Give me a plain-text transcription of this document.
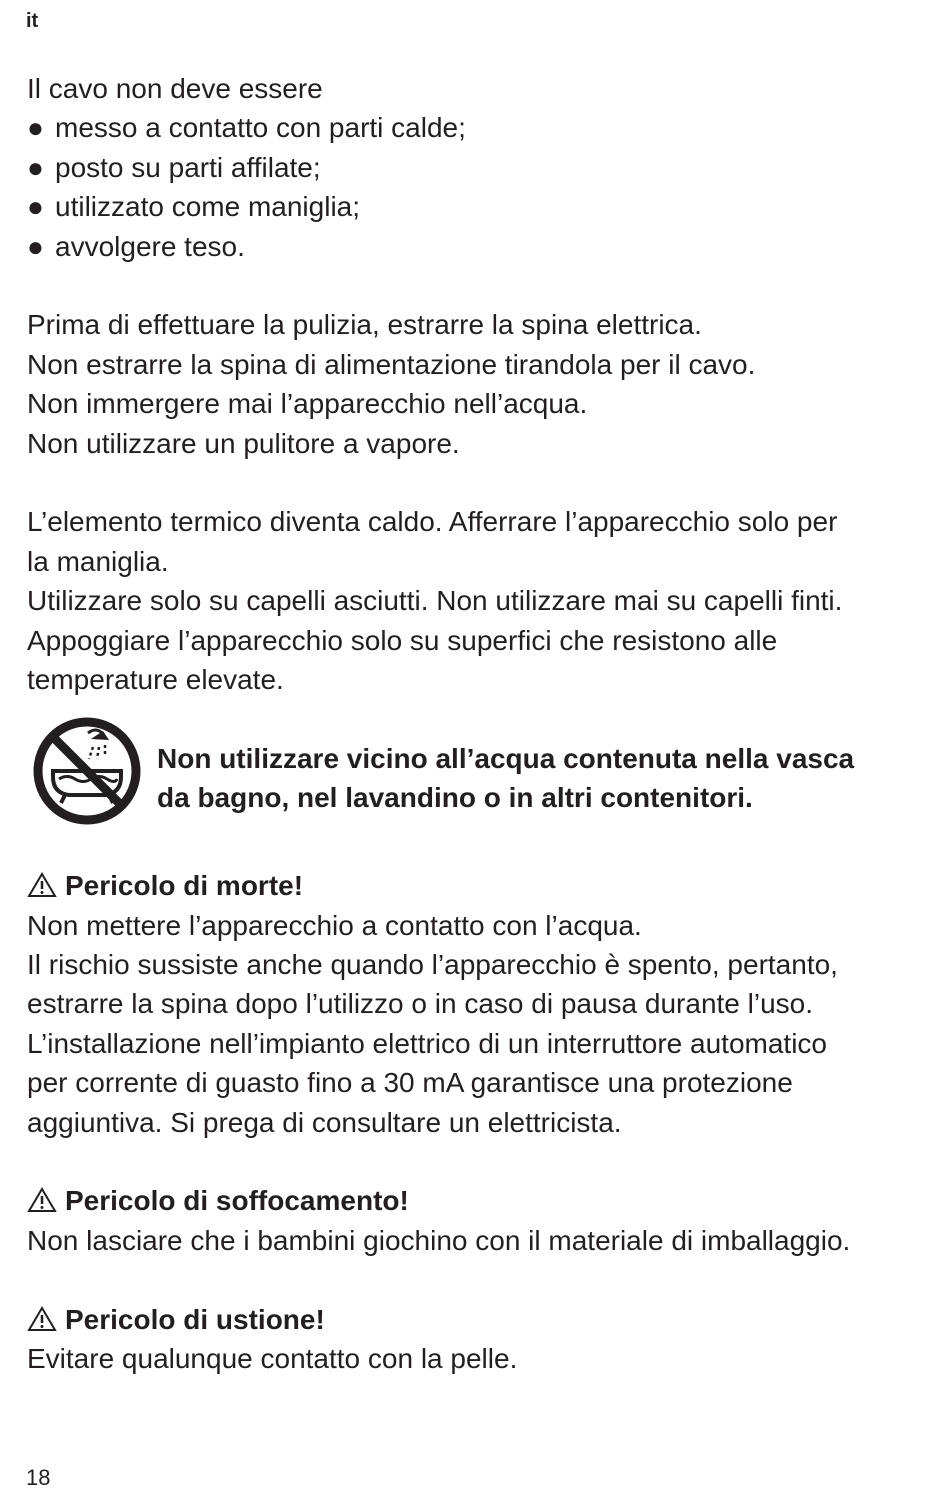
it
Il cavo non deve essere
● messo a contatto con parti calde;
● posto su parti affilate;
● utilizzato come maniglia;
● avvolgere teso.
Prima di effettuare la pulizia, estrarre la spina elettrica.
Non estrarre la spina di alimentazione tirandola per il cavo.
Non immergere mai l’apparecchio nell’acqua.
Non utilizzare un pulitore a vapore.
L’elemento termico diventa caldo. Afferrare l’apparecchio solo per
la maniglia.
Utilizzare solo su capelli asciutti. Non utilizzare mai su capelli finti.
Appoggiare l’apparecchio solo su superfici che resistono alle
temperature elevate.
Non utilizzare vicino all’acqua contenuta nella vasca
da bagno, nel lavandino o in altri contenitori.
Pericolo di morte!
Non mettere l’apparecchio a contatto con l’acqua.
Il rischio sussiste anche quando l’apparecchio è spento, pertanto,
estrarre la spina dopo l’utilizzo o in caso di pausa durante l’uso.
L’installazione nell’impianto elettrico di un interruttore automatico
per corrente di guasto fino a 30 mA garantisce una protezione
aggiuntiva. Si prega di consultare un elettricista.
Pericolo di soffocamento!
Non lasciare che i bambini giochino con il materiale di imballaggio.
Pericolo di ustione!
Evitare qualunque contatto con la pelle.
18
